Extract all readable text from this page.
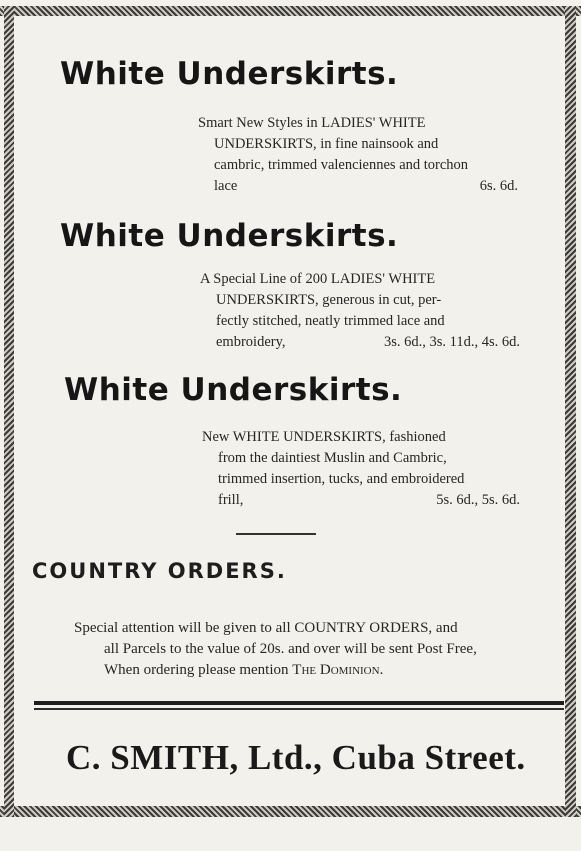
White Underskirts.

Smart New Styles in LADIES' WHITE

UNDERSKIRTS, in fine nainsook and

cambric, trimmed valenciennes and torchon

lace	6s. 6d.

White Underskirts.

A Special Line of 200 LADIES' WHITE

UNDERSKIRTS, generous in cut, per-

fectly stitched, neatly trimmed lace and

embroidery,	3s. 6d., 3s. 11d., 4s. 6d.

White Underskirts.

New WHITE UNDERSKIRTS, fashioned

from the daintiest Muslin and Cambric,

trimmed insertion, tucks, and embroidered

frill,	5s. 6d., 5s. 6d.

COUNTRY ORDERS.
Special attention will be given to all COUNTRY ORDERS, and
all Parcels to the value of 20s. and over will be sent Post Free,
When ordering please mention The Dominion.
C. SMITH, Ltd., Cuba Street.
